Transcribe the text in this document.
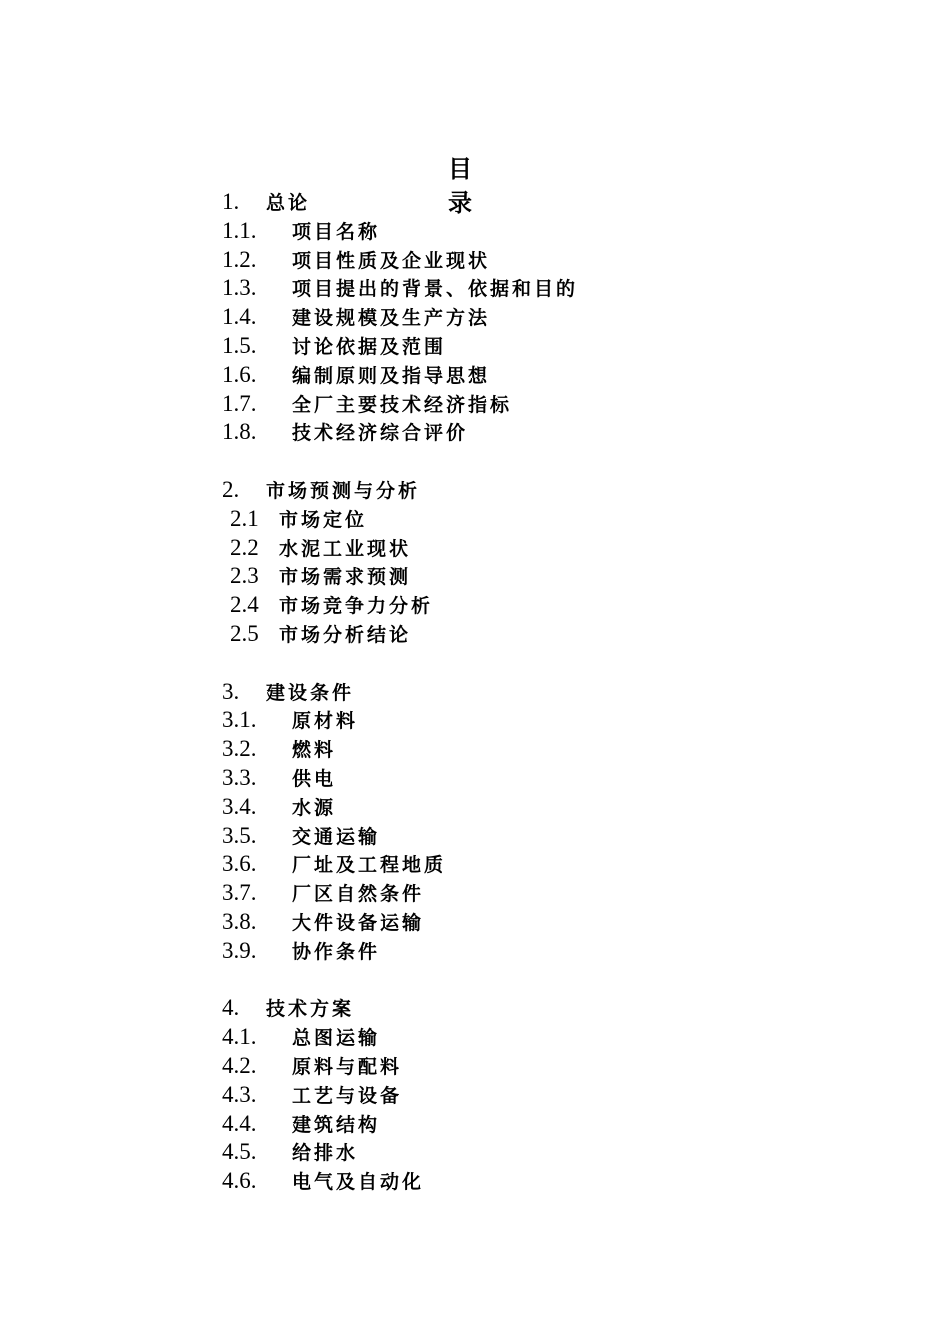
目 录
1. 总论
1.1. 项目名称
1.2. 项目性质及企业现状
1.3. 项目提出的背景、依据和目的
1.4. 建设规模及生产方法
1.5. 讨论依据及范围
1.6. 编制原则及指导思想
1.7. 全厂主要技术经济指标
1.8. 技术经济综合评价
2. 市场预测与分析
2.1 市场定位
2.2 水泥工业现状
2.3 市场需求预测
2.4 市场竞争力分析
2.5 市场分析结论
3. 建设条件
3.1. 原材料
3.2. 燃料
3.3. 供电
3.4. 水源
3.5. 交通运输
3.6. 厂址及工程地质
3.7. 厂区自然条件
3.8. 大件设备运输
3.9. 协作条件
4. 技术方案
4.1. 总图运输
4.2. 原料与配料
4.3. 工艺与设备
4.4. 建筑结构
4.5. 给排水
4.6. 电气及自动化
